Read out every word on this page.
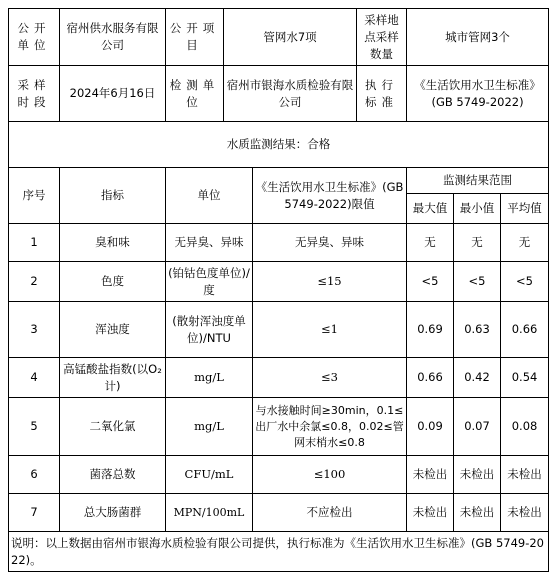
公开单位	宿州供水服务有限公司	公开项目	管网水7项		采样地点采样数量	城市管网3个		
采样时段	2024年6月16日	检测单位	宿州市银海水质检验有限公司		执行标准	《生活饮用水卫生标准》(GB 5749-2022)		
水质监测结果：合格								
序号	指标	单位		《生活饮用水卫生标准》(GB 5749-2022)限值		监测结果范围		
						最大值	最小值	平均值
1	臭和味	无异臭、异味		无异臭、异味		无	无	无
2	色度	(铂钴色度单位)/度		≤15		<5	<5	<5
3	浑浊度	(散射浑浊度单位)/NTU		≤1		0.69	0.63	0.66
4	高锰酸盐指数(以O₂计)	mg/L		≤3		0.66	0.42	0.54
5	二氧化氯	mg/L		与水接触时间≥30min，0.1≤出厂水中余氯≤0.8，0.02≤管网末梢水≤0.8		0.09	0.07	0.08
6	菌落总数	CFU/mL		≤100		未检出	未检出	未检出
7	总大肠菌群	MPN/100mL		不应检出		未检出	未检出	未检出
说明：以上数据由宿州市银海水质检验有限公司提供，执行标准为《生活饮用水卫生标准》(GB 5749-2022)。								
